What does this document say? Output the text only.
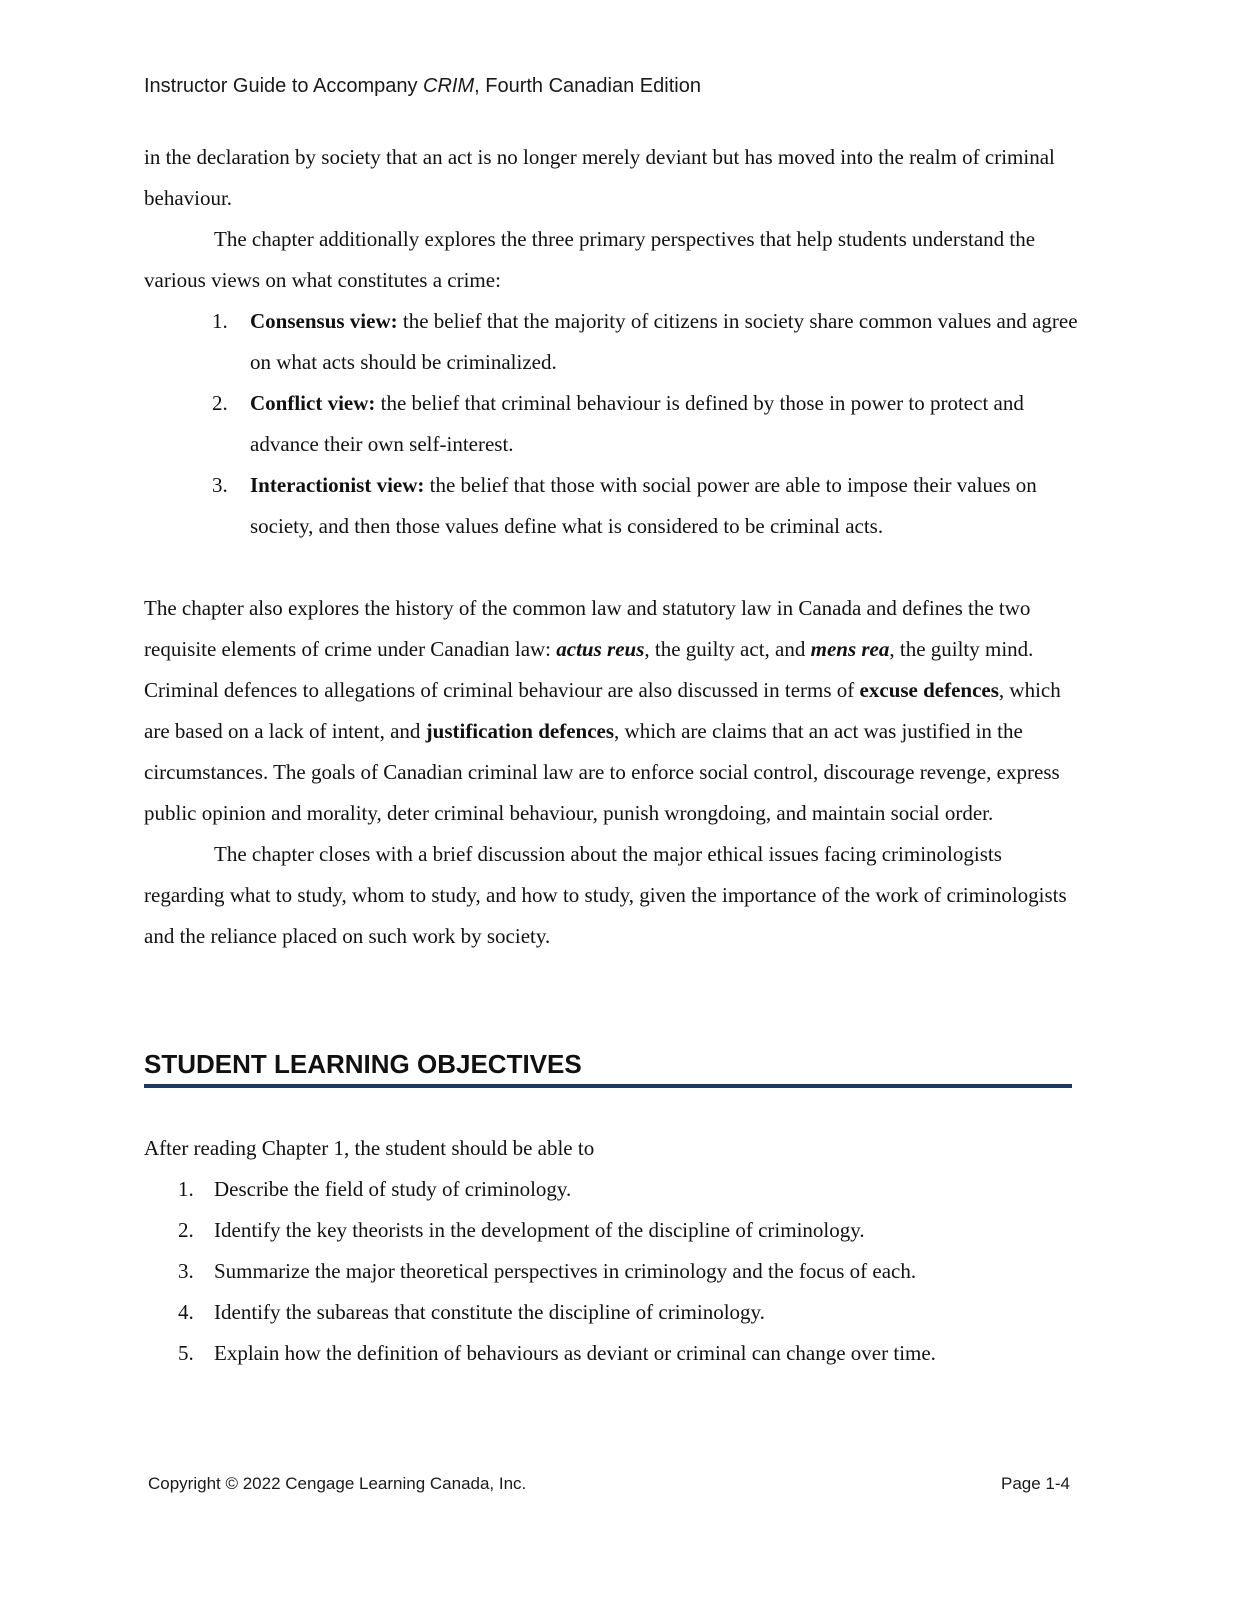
Instructor Guide to Accompany CRIM, Fourth Canadian Edition

in the declaration by society that an act is no longer merely deviant but has moved into the realm of criminal behaviour.

The chapter additionally explores the three primary perspectives that help students understand the various views on what constitutes a crime:

1. Consensus view: the belief that the majority of citizens in society share common values and agree on what acts should be criminalized.
2. Conflict view: the belief that criminal behaviour is defined by those in power to protect and advance their own self-interest.
3. Interactionist view: the belief that those with social power are able to impose their values on society, and then those values define what is considered to be criminal acts.

The chapter also explores the history of the common law and statutory law in Canada and defines the two requisite elements of crime under Canadian law: actus reus, the guilty act, and mens rea, the guilty mind. Criminal defences to allegations of criminal behaviour are also discussed in terms of excuse defences, which are based on a lack of intent, and justification defences, which are claims that an act was justified in the circumstances. The goals of Canadian criminal law are to enforce social control, discourage revenge, express public opinion and morality, deter criminal behaviour, punish wrongdoing, and maintain social order.

The chapter closes with a brief discussion about the major ethical issues facing criminologists regarding what to study, whom to study, and how to study, given the importance of the work of criminologists and the reliance placed on such work by society.

STUDENT LEARNING OBJECTIVES

After reading Chapter 1, the student should be able to

1. Describe the field of study of criminology.
2. Identify the key theorists in the development of the discipline of criminology.
3. Summarize the major theoretical perspectives in criminology and the focus of each.
4. Identify the subareas that constitute the discipline of criminology.
5. Explain how the definition of behaviours as deviant or criminal can change over time.
Copyright © 2022 Cengage Learning Canada, Inc.	Page 1-4
